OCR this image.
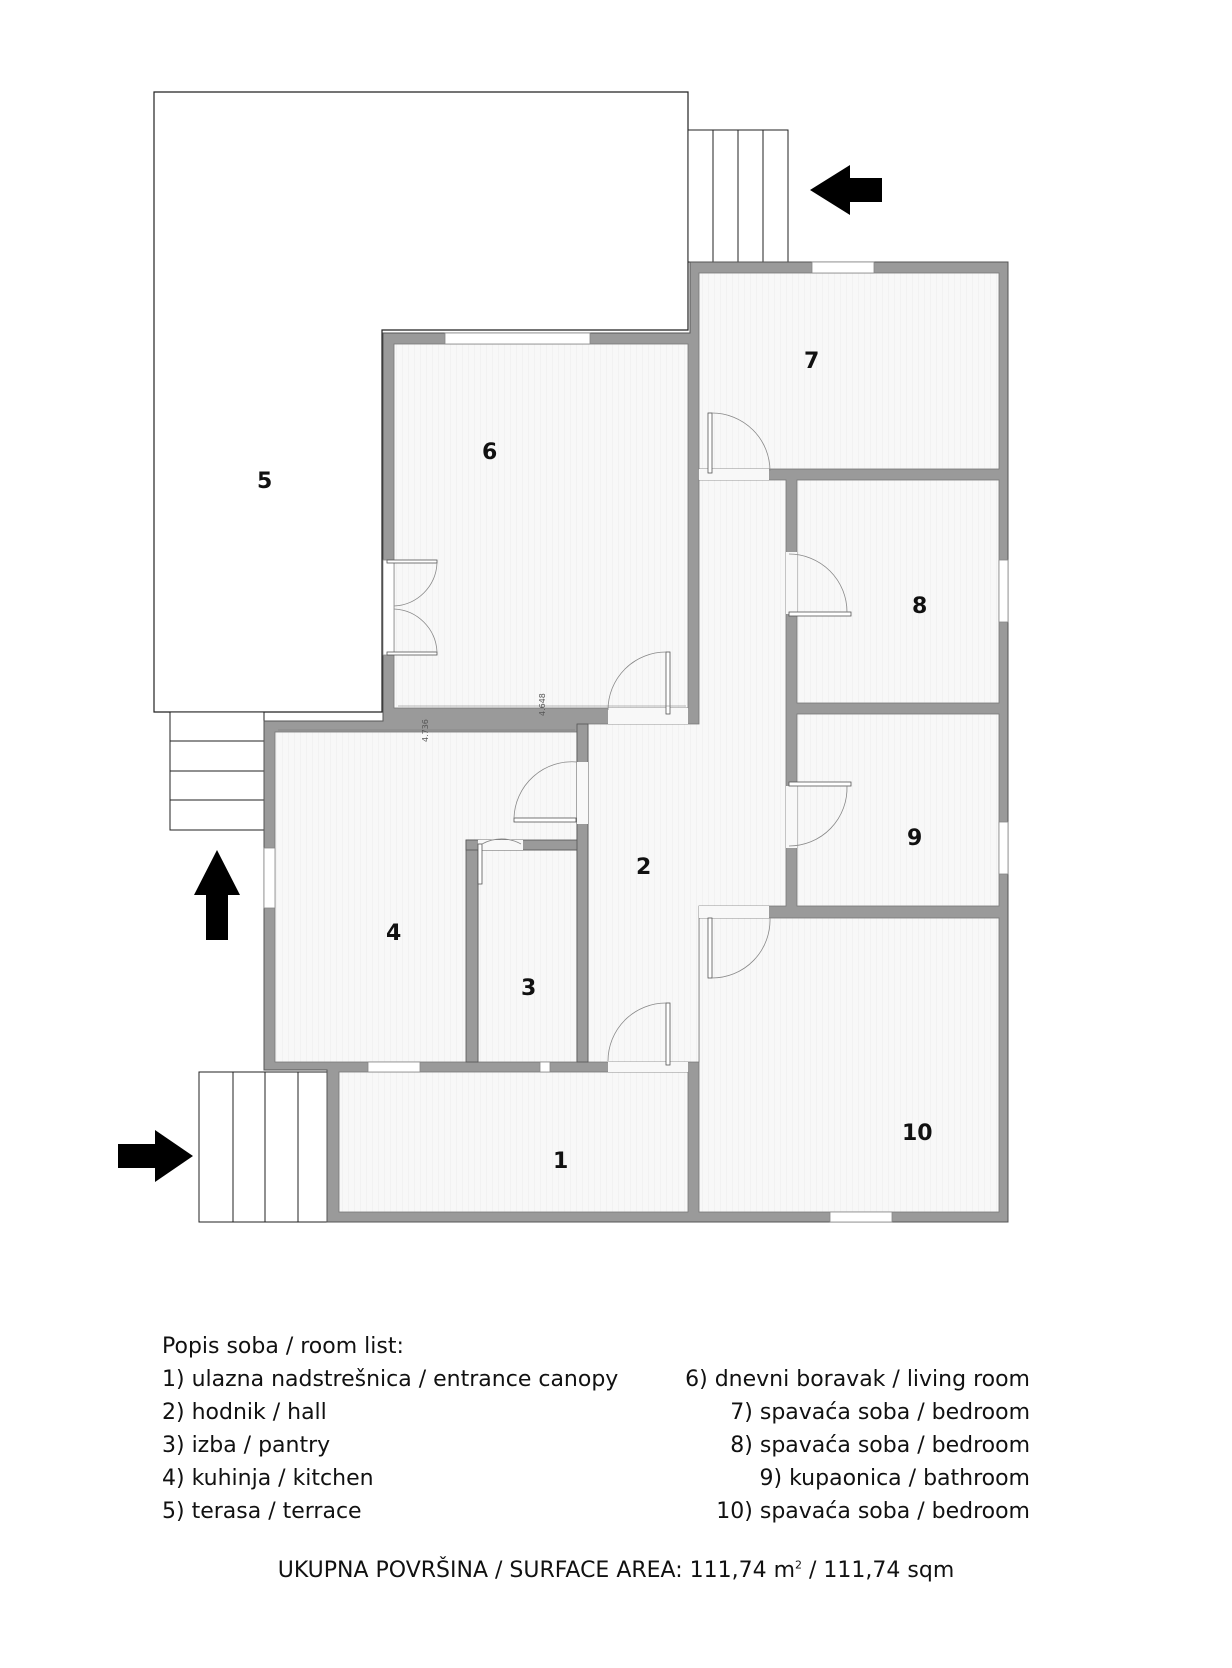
4.648
4.736
1
2
3
4
5
6
7
8
9
10
Popis soba / room list:
1) ulazna nadstrešnica / entrance canopy
2) hodnik / hall
3) izba / pantry
4) kuhinja / kitchen
5) terasa / terrace
6) dnevni boravak / living room
7) spavaća soba / bedroom
8) spavaća soba / bedroom
9) kupaonica / bathroom
10) spavaća soba / bedroom
UKUPNA POVRŠINA / SURFACE AREA: 111,74 $m^2 / 111,74$ sqm
